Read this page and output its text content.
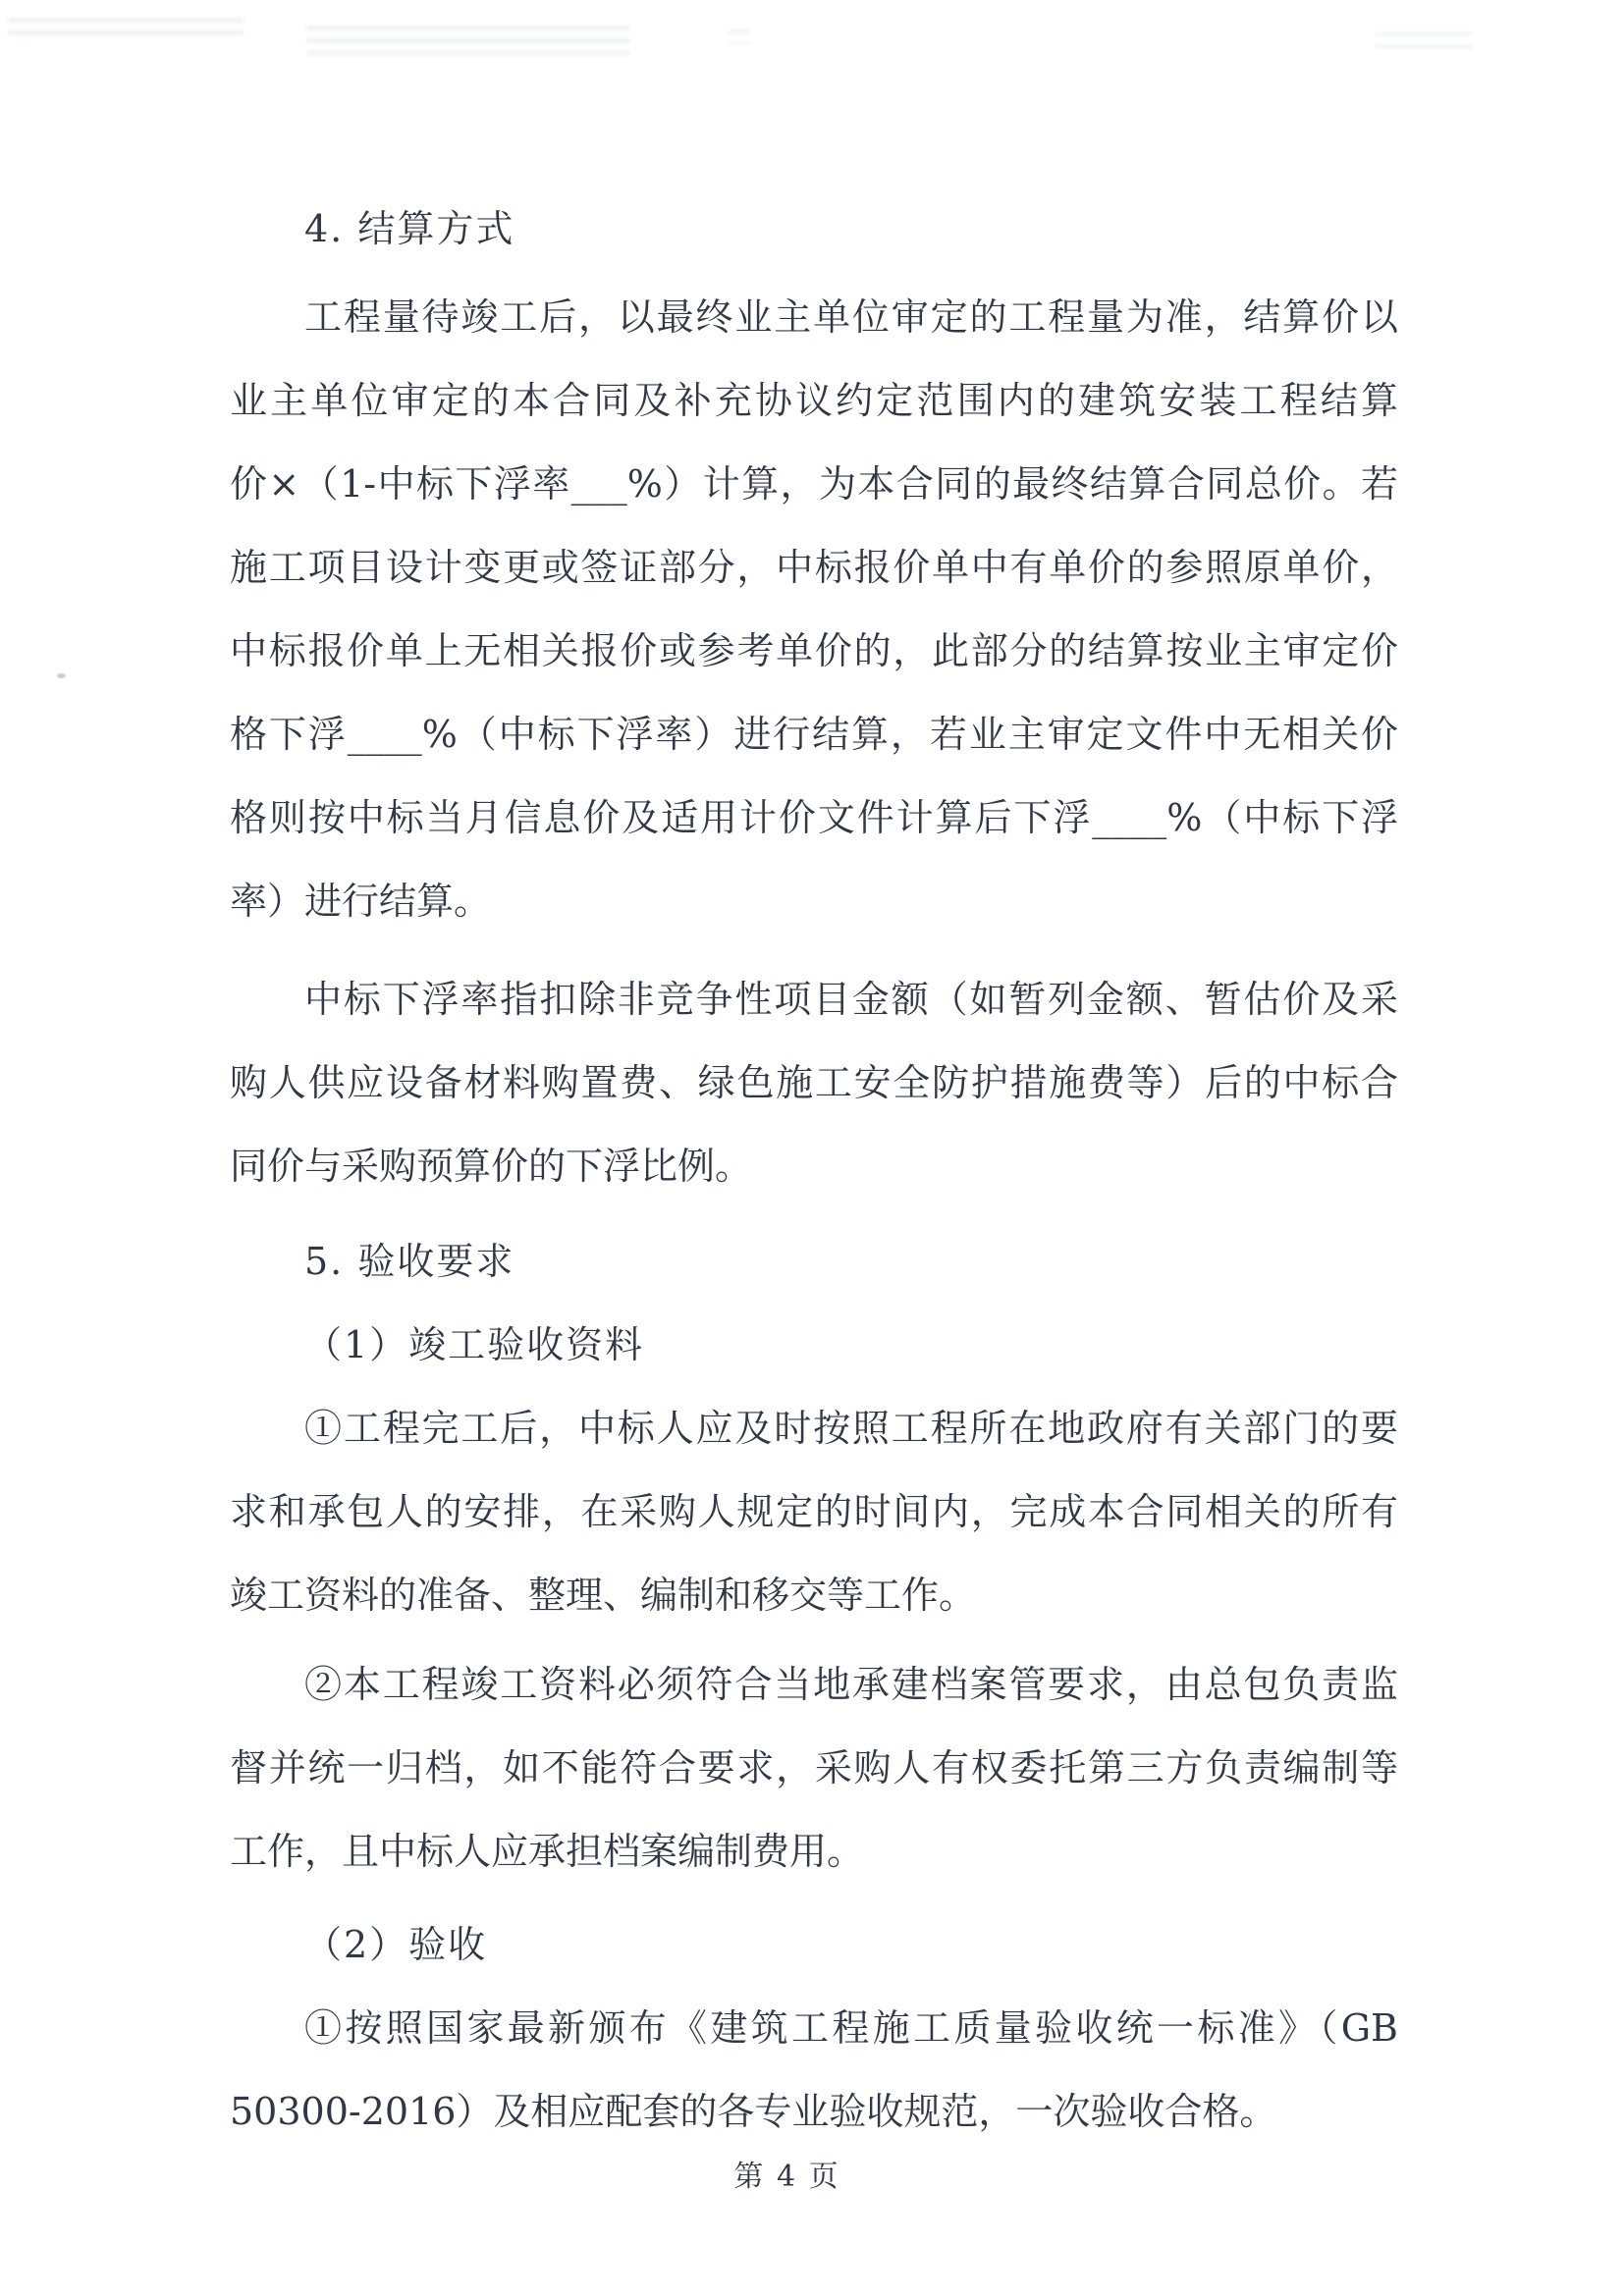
4. 结算方式
工程量待竣工后，以最终业主单位审定的工程量为准，结算价以
业主单位审定的本合同及补充协议约定范围内的建筑安装工程结算
价×（1-中标下浮率___%）计算，为本合同的最终结算合同总价。若
施工项目设计变更或签证部分，中标报价单中有单价的参照原单价，
中标报价单上无相关报价或参考单价的，此部分的结算按业主审定价
格下浮____%（中标下浮率）进行结算，若业主审定文件中无相关价
格则按中标当月信息价及适用计价文件计算后下浮____%（中标下浮
率）进行结算。
中标下浮率指扣除非竞争性项目金额（如暂列金额、暂估价及采
购人供应设备材料购置费、绿色施工安全防护措施费等）后的中标合
同价与采购预算价的下浮比例。
5. 验收要求
（1）竣工验收资料
①工程完工后，中标人应及时按照工程所在地政府有关部门的要
求和承包人的安排，在采购人规定的时间内，完成本合同相关的所有
竣工资料的准备、整理、编制和移交等工作。
②本工程竣工资料必须符合当地承建档案管要求，由总包负责监
督并统一归档，如不能符合要求，采购人有权委托第三方负责编制等
工作，且中标人应承担档案编制费用。
（2）验收
①按照国家最新颁布《建筑工程施工质量验收统一标准》（GB
50300-2016）及相应配套的各专业验收规范，一次验收合格。
第 4 页
